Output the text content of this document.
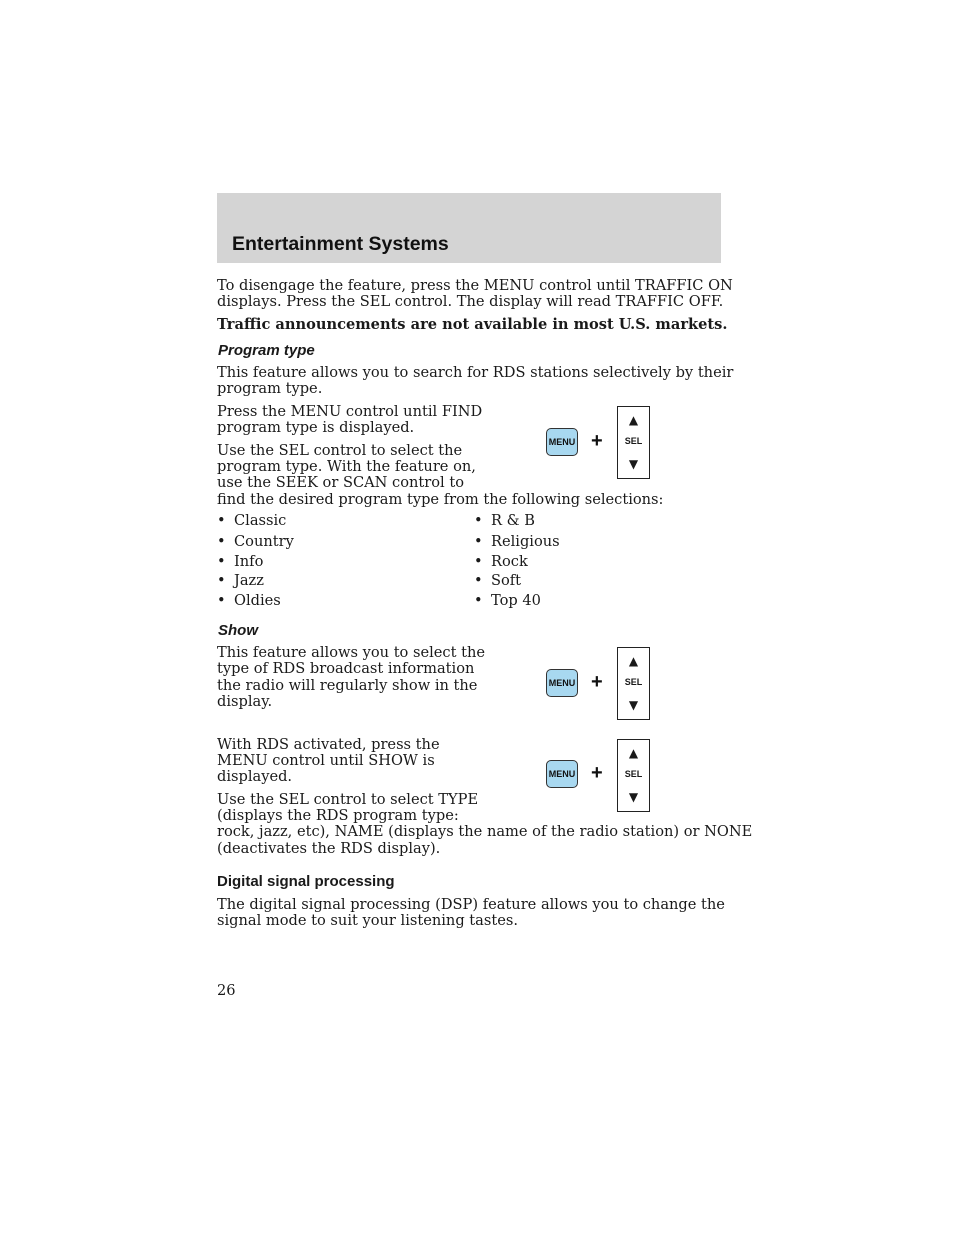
Entertainment Systems
To disengage the feature, press the MENU control until TRAFFIC ON
displays. Press the SEL control. The display will read TRAFFIC OFF.
Traffic announcements are not available in most U.S. markets.
Program type
This feature allows you to search for RDS stations selectively by their
program type.
Press the MENU control until FIND
program type is displayed.
Use the SEL control to select the
program type. With the feature on,
use the SEEK or SCAN control to
find the desired program type from the following selections:
MENU +
▲
SEL
▼
• Classic
• Country
• Info
• Jazz
• Oldies
• R & B
• Religious
• Rock
• Soft
• Top 40
Show
This feature allows you to select the
type of RDS broadcast information
the radio will regularly show in the
display.
MENU +
▲
SEL
▼
With RDS activated, press the
MENU control until SHOW is
displayed.
Use the SEL control to select TYPE
(displays the RDS program type:
rock, jazz, etc), NAME (displays the name of the radio station) or NONE
(deactivates the RDS display).
MENU +
▲
SEL
▼
Digital signal processing
The digital signal processing (DSP) feature allows you to change the
signal mode to suit your listening tastes.
26
